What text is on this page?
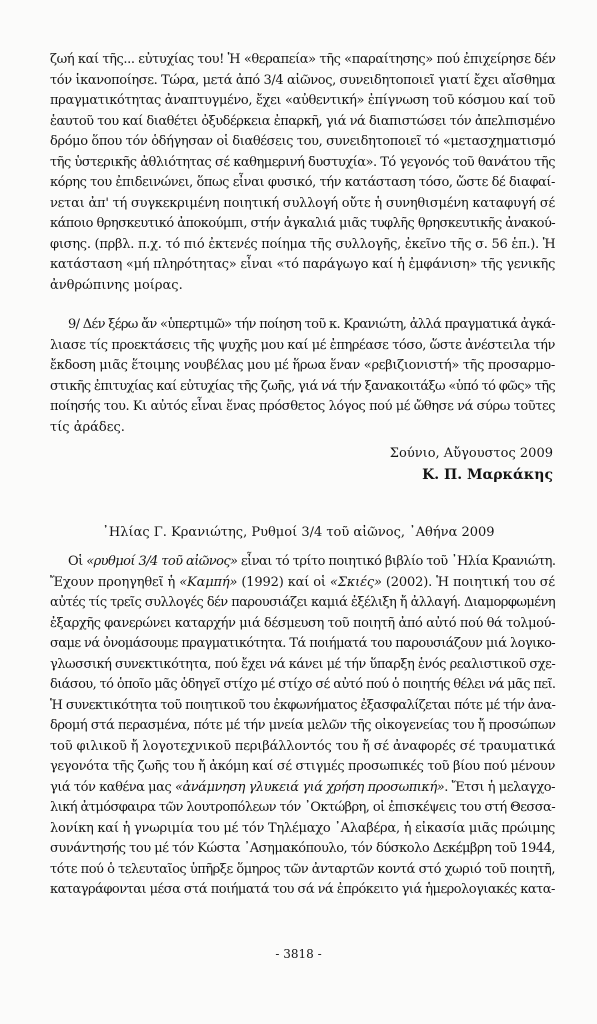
ζωή καί τῆς... εὐτυχίας του! Ἡ «θεραπεία» τῆς «παραίτησης» πού ἐπιχείρησε δέν
τόν ἱκανοποίησε. Τώρα, μετά ἀπό 3/4 αἰῶνος, συνειδητοποιεῖ γιατί ἔχει αἴσθημα
πραγματικότητας ἀναπτυγμένο, ἔχει «αὐθεντική» ἐπίγνωση τοῦ κόσμου καί τοῦ
ἑαυτοῦ του καί διαθέτει ὀξυδέρκεια ἐπαρκῆ, γιά νά διαπιστώσει τόν ἀπελπισμένο
δρόμο ὅπου τόν ὁδήγησαν οἱ διαθέσεις του, συνειδητοποιεῖ τό «μετασχηματισμό
τῆς ὑστερικῆς ἀθλιότητας σέ καθημερινή δυστυχία». Τό γεγονός τοῦ θανάτου τῆς
κόρης του ἐπιδεινώνει, ὅπως εἶναι φυσικό, τήν κατάσταση τόσο, ὥστε δέ διαφαί-
νεται ἀπ' τή συγκεκριμένη ποιητική συλλογή οὔτε ἡ συνηθισμένη καταφυγή σέ
κάποιο θρησκευτικό ἀποκούμπι, στήν ἀγκαλιά μιᾶς τυφλῆς θρησκευτικῆς ἀνακού-
φισης. (πρβλ. π.χ. τό πιό ἐκτενές ποίημα τῆς συλλογῆς, ἐκεῖνο τῆς σ. 56 ἑπ.). Ἡ
κατάσταση «μή πληρότητας» εἶναι «τό παράγωγο καί ἡ ἐμφάνιση» τῆς γενικῆς
ἀνθρώπινης μοίρας.
9/ Δέν ξέρω ἄν «ὑπερτιμῶ» τήν ποίηση τοῦ κ. Κρανιώτη, ἀλλά πραγματικά ἀγκά-
λιασε τίς προεκτάσεις τῆς ψυχῆς μου καί μέ ἐπηρέασε τόσο, ὥστε ἀνέστειλα τήν
ἔκδοση μιᾶς ἕτοιμης νουβέλας μου μέ ἥρωα ἕναν «ρεβιζιονιστή» τῆς προσαρμο-
στικῆς ἐπιτυχίας καί εὐτυχίας τῆς ζωῆς, γιά νά τήν ξανακοιτάξω «ὑπό τό φῶς» τῆς
ποίησής του. Κι αὐτός εἶναι ἕνας πρόσθετος λόγος πού μέ ὤθησε νά σύρω τοῦτες
τίς ἀράδες.
Σούνιο, Αὔγουστος 2009
Κ. Π. Μαρκάκης
᾿Ηλίας Γ. Κρανιώτης, Ρυθμοί 3/4 τοῦ αἰῶνος, ᾿Αθήνα 2009
Οἱ «ρυθμοί 3/4 τοῦ αἰῶνος» εἶναι τό τρίτο ποιητικό βιβλίο τοῦ ᾿Ηλία Κρανιώτη.
Ἔχουν προηγηθεῖ ἡ «Καμπή» (1992) καί οἱ «Σκιές» (2002). Ἡ ποιητική του σέ
αὐτές τίς τρεῖς συλλογές δέν παρουσιάζει καμιά ἐξέλιξη ἤ ἀλλαγή. Διαμορφωμένη
ἐξαρχῆς φανερώνει καταρχήν μιά δέσμευση τοῦ ποιητῆ ἀπό αὐτό πού θά τολμού-
σαμε νά ὀνομάσουμε πραγματικότητα. Τά ποιήματά του παρουσιάζουν μιά λογικο-
γλωσσική συνεκτικότητα, πού ἔχει νά κάνει μέ τήν ὕπαρξη ἑνός ρεαλιστικοῦ σχε-
διάσου, τό ὁποῖο μᾶς ὁδηγεῖ στίχο μέ στίχο σέ αὐτό πού ὁ ποιητής θέλει νά μᾶς πεῖ.
Ἡ συνεκτικότητα τοῦ ποιητικοῦ του ἐκφωνήματος ἐξασφαλίζεται πότε μέ τήν ἀνα-
δρομή στά περασμένα, πότε μέ τήν μνεία μελῶν τῆς οἰκογενείας του ἤ προσώπων
τοῦ φιλικοῦ ἤ λογοτεχνικοῦ περιβάλλοντός του ἤ σέ ἀναφορές σέ τραυματικά
γεγονότα τῆς ζωῆς του ἤ ἀκόμη καί σέ στιγμές προσωπικές τοῦ βίου πού μένουν
γιά τόν καθένα μας «ἀνάμνηση γλυκειά γιά χρήση προσωπική». Ἔτσι ἡ μελαγχο-
λική ἀτμόσφαιρα τῶν λουτροπόλεων τόν ᾿Οκτώβρη, οἱ ἐπισκέψεις του στή Θεσσα-
λονίκη καί ἡ γνωριμία του μέ τόν Τηλέμαχο ᾿Αλαβέρα, ἡ εἰκασία μιᾶς πρώιμης
συνάντησής του μέ τόν Κώστα ᾿Ασημακόπουλο, τόν δύσκολο Δεκέμβρη τοῦ 1944,
τότε πού ὁ τελευταῖος ὑπῆρξε ὅμηρος τῶν ἀνταρτῶν κοντά στό χωριό τοῦ ποιητῆ,
καταγράφονται μέσα στά ποιήματά του σά νά ἐπρόκειτο γιά ἡμερολογιακές κατα-
- 3818 -
